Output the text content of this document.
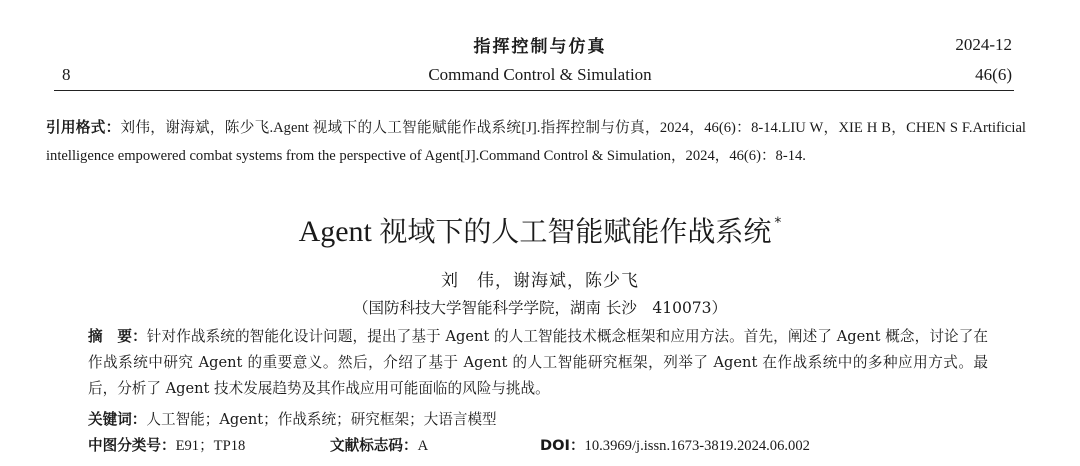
指挥控制与仿真	2024-12
8	Command Control & Simulation	46(6)
引用格式：刘伟，谢海斌，陈少飞.Agent 视域下的人工智能赋能作战系统[J].指挥控制与仿真，2024，46(6)：8-14.LIU W，XIE H B，CHEN S F.Artificial intelligence empowered combat systems from the perspective of Agent[J].Command Control & Simulation，2024，46(6)：8-14.
Agent 视域下的人工智能赋能作战系统 *
刘　伟，谢海斌，陈少飞
（国防科技大学智能科学学院，湖南 长沙　410073）
摘　要：针对作战系统的智能化设计问题，提出了基于 Agent 的人工智能技术概念框架和应用方法。首先，阐述了 Agent 概念，讨论了在作战系统中研究 Agent 的重要意义。然后，介绍了基于 Agent 的人工智能研究框架，列举了 Agent 在作战系统中的多种应用方式。最后，分析了 Agent 技术发展趋势及其作战应用可能面临的风险与挑战。
关键词：人工智能；Agent；作战系统；研究框架；大语言模型
中图分类号：E91；TP18	文献标志码：A	DOI：10.3969/j.issn.1673-3819.2024.06.002
